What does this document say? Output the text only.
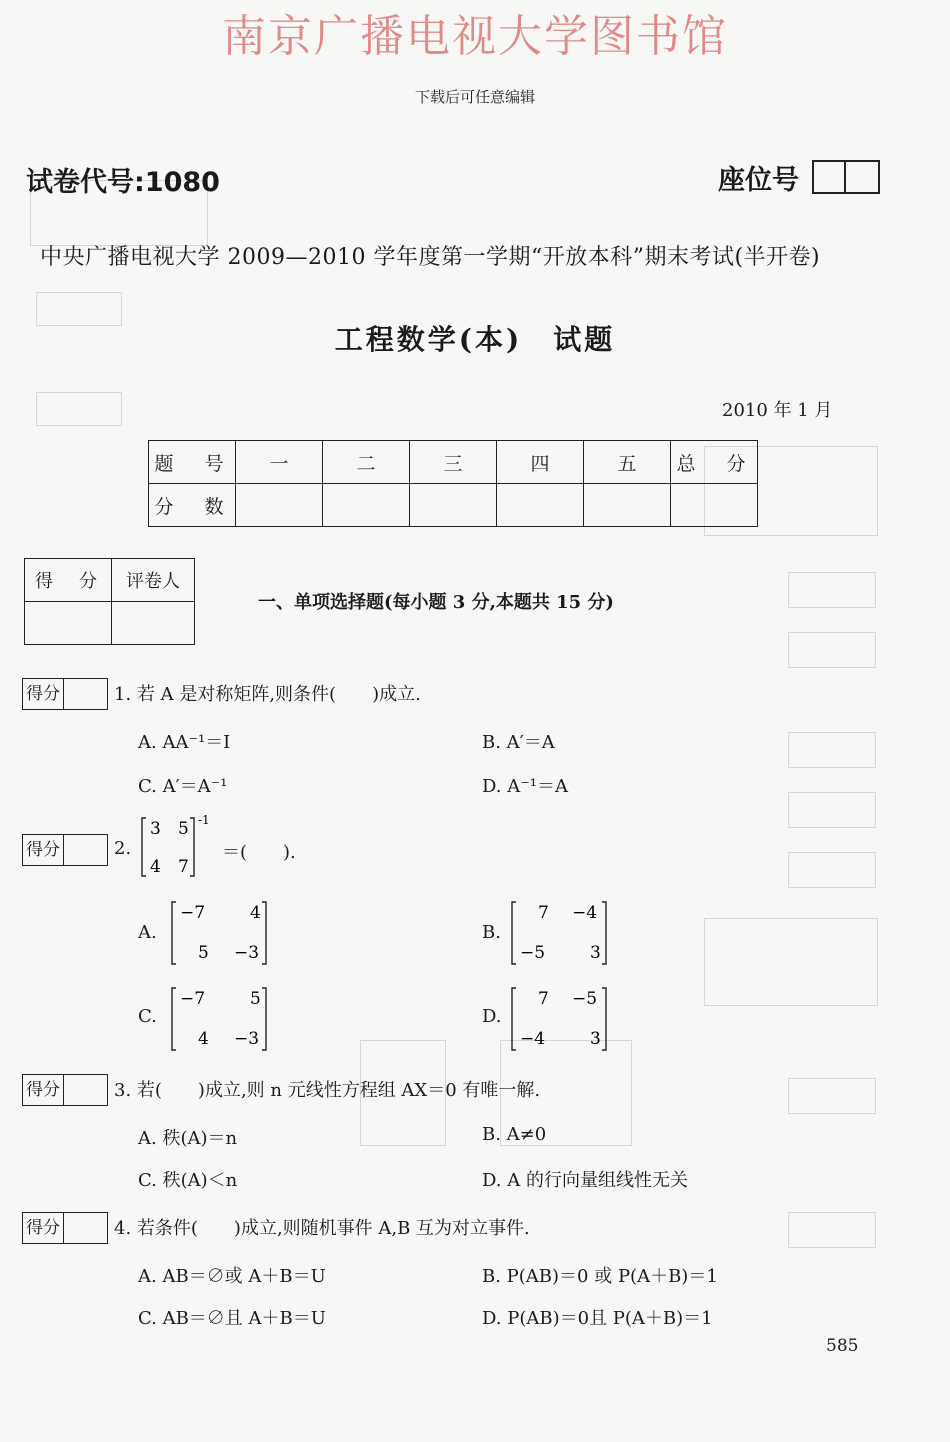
南京广播电视大学图书馆
下载后可任意编辑
试卷代号:1080	座位号
中央广播电视大学 2009—2010 学年度第一学期“开放本科”期末考试(半开卷)
工程数学(本)　试题
2010 年 1 月
题　号	一	二	三	四	五	总　分
分　数						
得　分	评卷人

一、单项选择题(每小题 3 分,本题共 15 分)
得分	1. 若 A 是对称矩阵,则条件(　　)成立.
A. AA⁻¹＝I	B. A′＝A
C. A′＝A⁻¹	D. A⁻¹＝A
得分	2.
3 5
4 7
-1
＝(　　).
A.
−7	4
5 −3
B.
7 −4
−5	3
C.
−7	5
4 −3
D.
7 −5
−4	3
得分	3. 若(　　)成立,则 n 元线性方程组 AX＝0 有唯一解.
A. 秩(A)＝n	B. A≠0
C. 秩(A)＜n	D. A 的行向量组线性无关
得分	4. 若条件(　　)成立,则随机事件 A,B 互为对立事件.
A. AB＝∅或 A＋B＝U	B. P(AB)＝0 或 P(A＋B)＝1
C. AB＝∅且 A＋B＝U	D. P(AB)＝0且 P(A＋B)＝1
585
